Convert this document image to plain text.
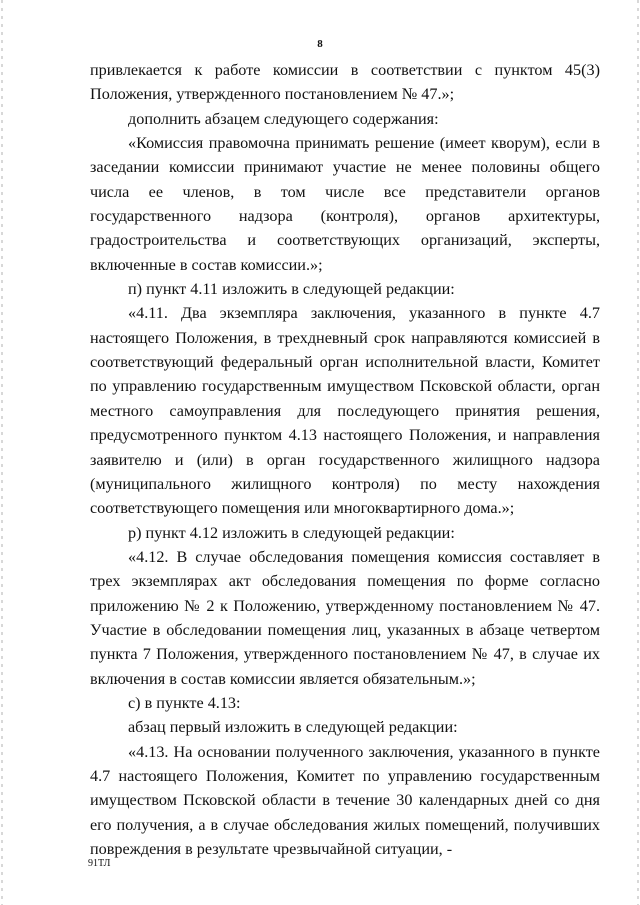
8

привлекается к работе комиссии в соответствии с пунктом 45(3) Положения, утвержденного постановлением № 47.»;

дополнить абзацем следующего содержания:

«Комиссия правомочна принимать решение (имеет кворум), если в заседании комиссии принимают участие не менее половины общего числа ее членов, в том числе все представители органов государственного надзора (контроля), органов архитектуры, градостроительства и соответствующих организаций, эксперты, включенные в состав комиссии.»;

п) пункт 4.11 изложить в следующей редакции:

«4.11. Два экземпляра заключения, указанного в пункте 4.7 настоящего Положения, в трехдневный срок направляются комиссией в соответствующий федеральный орган исполнительной власти, Комитет по управлению государственным имуществом Псковской области, орган местного самоуправления для последующего принятия решения, предусмотренного пунктом 4.13 настоящего Положения, и направления заявителю и (или) в орган государственного жилищного надзора (муниципального жилищного контроля) по месту нахождения соответствующего помещения или многоквартирного дома.»;

р) пункт 4.12 изложить в следующей редакции:

«4.12. В случае обследования помещения комиссия составляет в трех экземплярах акт обследования помещения по форме согласно приложению № 2 к Положению, утвержденному постановлением № 47. Участие в обследовании помещения лиц, указанных в абзаце четвертом пункта 7 Положения, утвержденного постановлением № 47, в случае их включения в состав комиссии является обязательным.»;

с) в пункте 4.13:

абзац первый изложить в следующей редакции:

«4.13. На основании полученного заключения, указанного в пункте 4.7 настоящего Положения, Комитет по управлению государственным имуществом Псковской области в течение 30 календарных дней со дня его получения, а в случае обследования жилых помещений, получивших повреждения в результате чрезвычайной ситуации, -

91ТЛ
